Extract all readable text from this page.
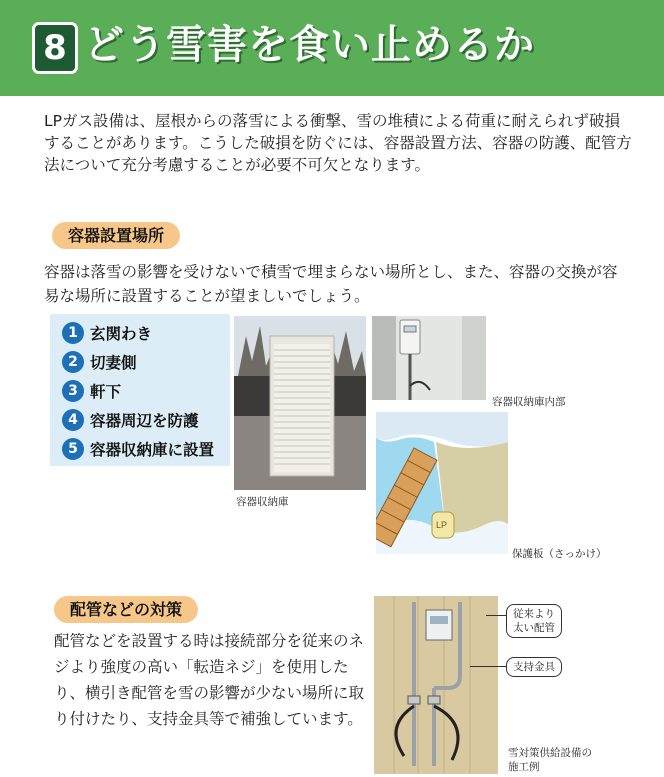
8 どう雪害を食い止めるか
LPガス設備は、屋根からの落雪による衝撃、雪の堆積による荷重に耐えられず破損することがあります。こうした破損を防ぐには、容器設置方法、容器の防護、配管方法について充分考慮することが必要不可欠となります。
容器設置場所
容器は落雪の影響を受けないで積雪で埋まらない場所とし、また、容器の交換が容易な場所に設置することが望ましいでしょう。
1 玄関わき
2 切妻側
3 軒下
4 容器周辺を防護
5 容器収納庫に設置
容器収納庫
容器収納庫内部
LP
保護板（さっかけ）
配管などの対策
配管などを設置する時は接続部分を従来のネジより強度の高い「転造ネジ」を使用したり、横引き配管を雪の影響が少ない場所に取り付けたり、支持金具等で補強しています。
従来より
太い配管
支持金具
雪対策供給設備の
施工例
